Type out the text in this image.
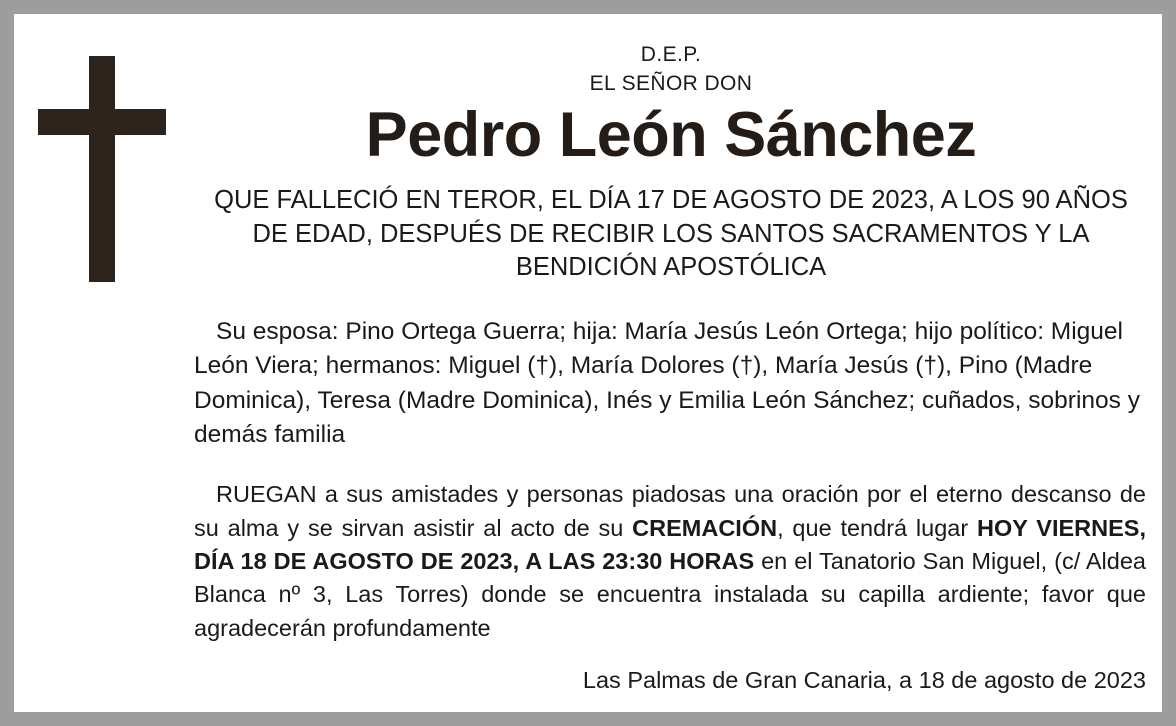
D.E.P.
EL SEÑOR DON
Pedro León Sánchez
QUE FALLECIÓ EN TEROR, EL DÍA 17 DE AGOSTO DE 2023, A LOS 90 AÑOS DE EDAD, DESPUÉS DE RECIBIR LOS SANTOS SACRAMENTOS Y LA BENDICIÓN APOSTÓLICA
Su esposa: Pino Ortega Guerra; hija: María Jesús León Ortega; hijo político: Miguel León Viera; hermanos: Miguel (†), María Dolores (†), María Jesús (†), Pino (Madre Dominica), Teresa (Madre Dominica), Inés y Emilia León Sánchez; cuñados, sobrinos y demás familia
RUEGAN a sus amistades y personas piadosas una oración por el eterno descanso de su alma y se sirvan asistir al acto de su CREMACIÓN, que tendrá lugar HOY VIERNES, DÍA 18 DE AGOSTO DE 2023, A LAS 23:30 HORAS en el Tanatorio San Miguel, (c/ Aldea Blanca nº 3, Las Torres) donde se encuentra instalada su capilla ardiente; favor que agradecerán profundamente
Las Palmas de Gran Canaria, a 18 de agosto de 2023
